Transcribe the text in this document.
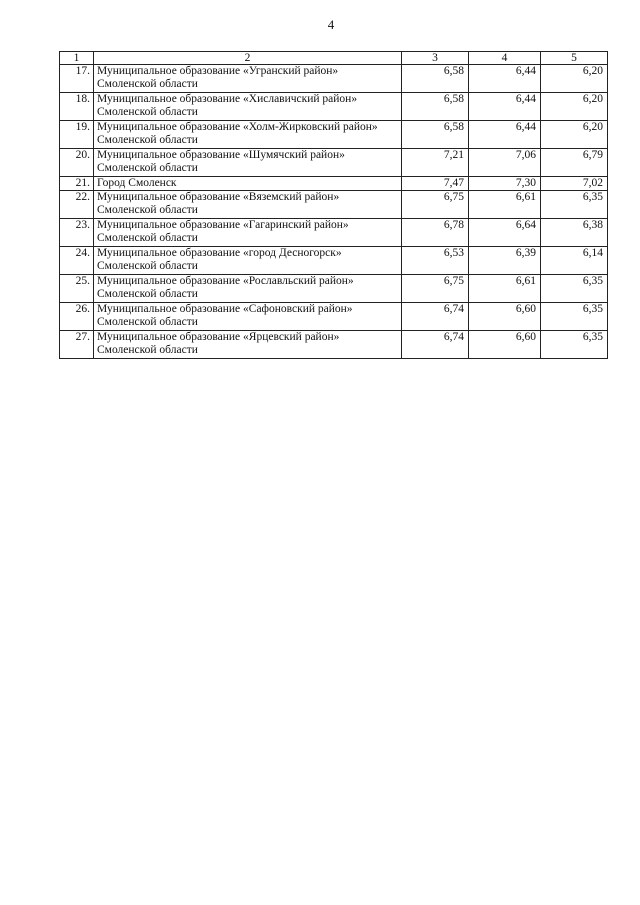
4
1	2	3	4	5
17.	Муниципальное образование «Угранский район» Смоленской области	6,58	6,44	6,20
18.	Муниципальное образование «Хиславичский район» Смоленской области	6,58	6,44	6,20
19.	Муниципальное образование «Холм-Жирковский район» Смоленской области	6,58	6,44	6,20
20.	Муниципальное образование «Шумячский район» Смоленской области	7,21	7,06	6,79
21.	Город Смоленск	7,47	7,30	7,02
22.	Муниципальное образование «Вяземский район» Смоленской области	6,75	6,61	6,35
23.	Муниципальное образование «Гагаринский район» Смоленской области	6,78	6,64	6,38
24.	Муниципальное образование «город Десногорск» Смоленской области	6,53	6,39	6,14
25.	Муниципальное образование «Рославльский район» Смоленской области	6,75	6,61	6,35
26.	Муниципальное образование «Сафоновский район» Смоленской области	6,74	6,60	6,35
27.	Муниципальное образование «Ярцевский район» Смоленской области	6,74	6,60	6,35
